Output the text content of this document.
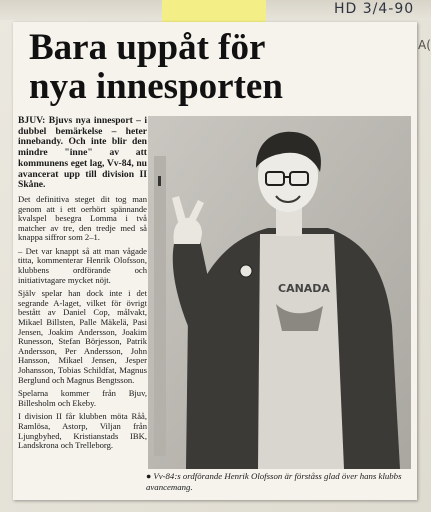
HD 3/4-90
A(
Bara uppåt för
nya innesporten

BJUV: Bjuvs nya innesport – i dubbel bemärkelse – heter innebandy. Och inte blir den mindre "inne" av att kommunens eget lag, Vv-84, nu avancerat upp till division II Skåne.

Det definitiva steget dit tog man genom att i ett oerhört spännande kvalspel besegra Lomma i två matcher av tre, den tredje med så knappa siffror som 2–1.

– Det var knappt så att man vågade titta, kommenterar Henrik Olofsson, klubbens ordförande och initiativtagare mycket nöjt.

Själv spelar han dock inte i det segrande A-laget, vilket för övrigt bestått av Daniel Cop, målvakt, Mikael Billsten, Palle Mäkelä, Pasi Jensen, Joakim Andersson, Joakim Runesson, Stefan Börjesson, Patrik Andersson, Per Andersson, John Hansson, Mikael Jensen, Jesper Johansson, Tobias Schildfat, Magnus Berglund och Magnus Bengtsson.

Spelarna kommer från Bjuv, Billesholm och Ekeby.

I division II får klubben möta Råå, Ramlösa, Astorp, Viljan från Ljungbyhed, Kristianstads IBK, Landskrona och Trelleborg.

CANADA
● Vv-84:s ordförande Henrik Olofsson är förståss glad över hans klubbs avancemang.
